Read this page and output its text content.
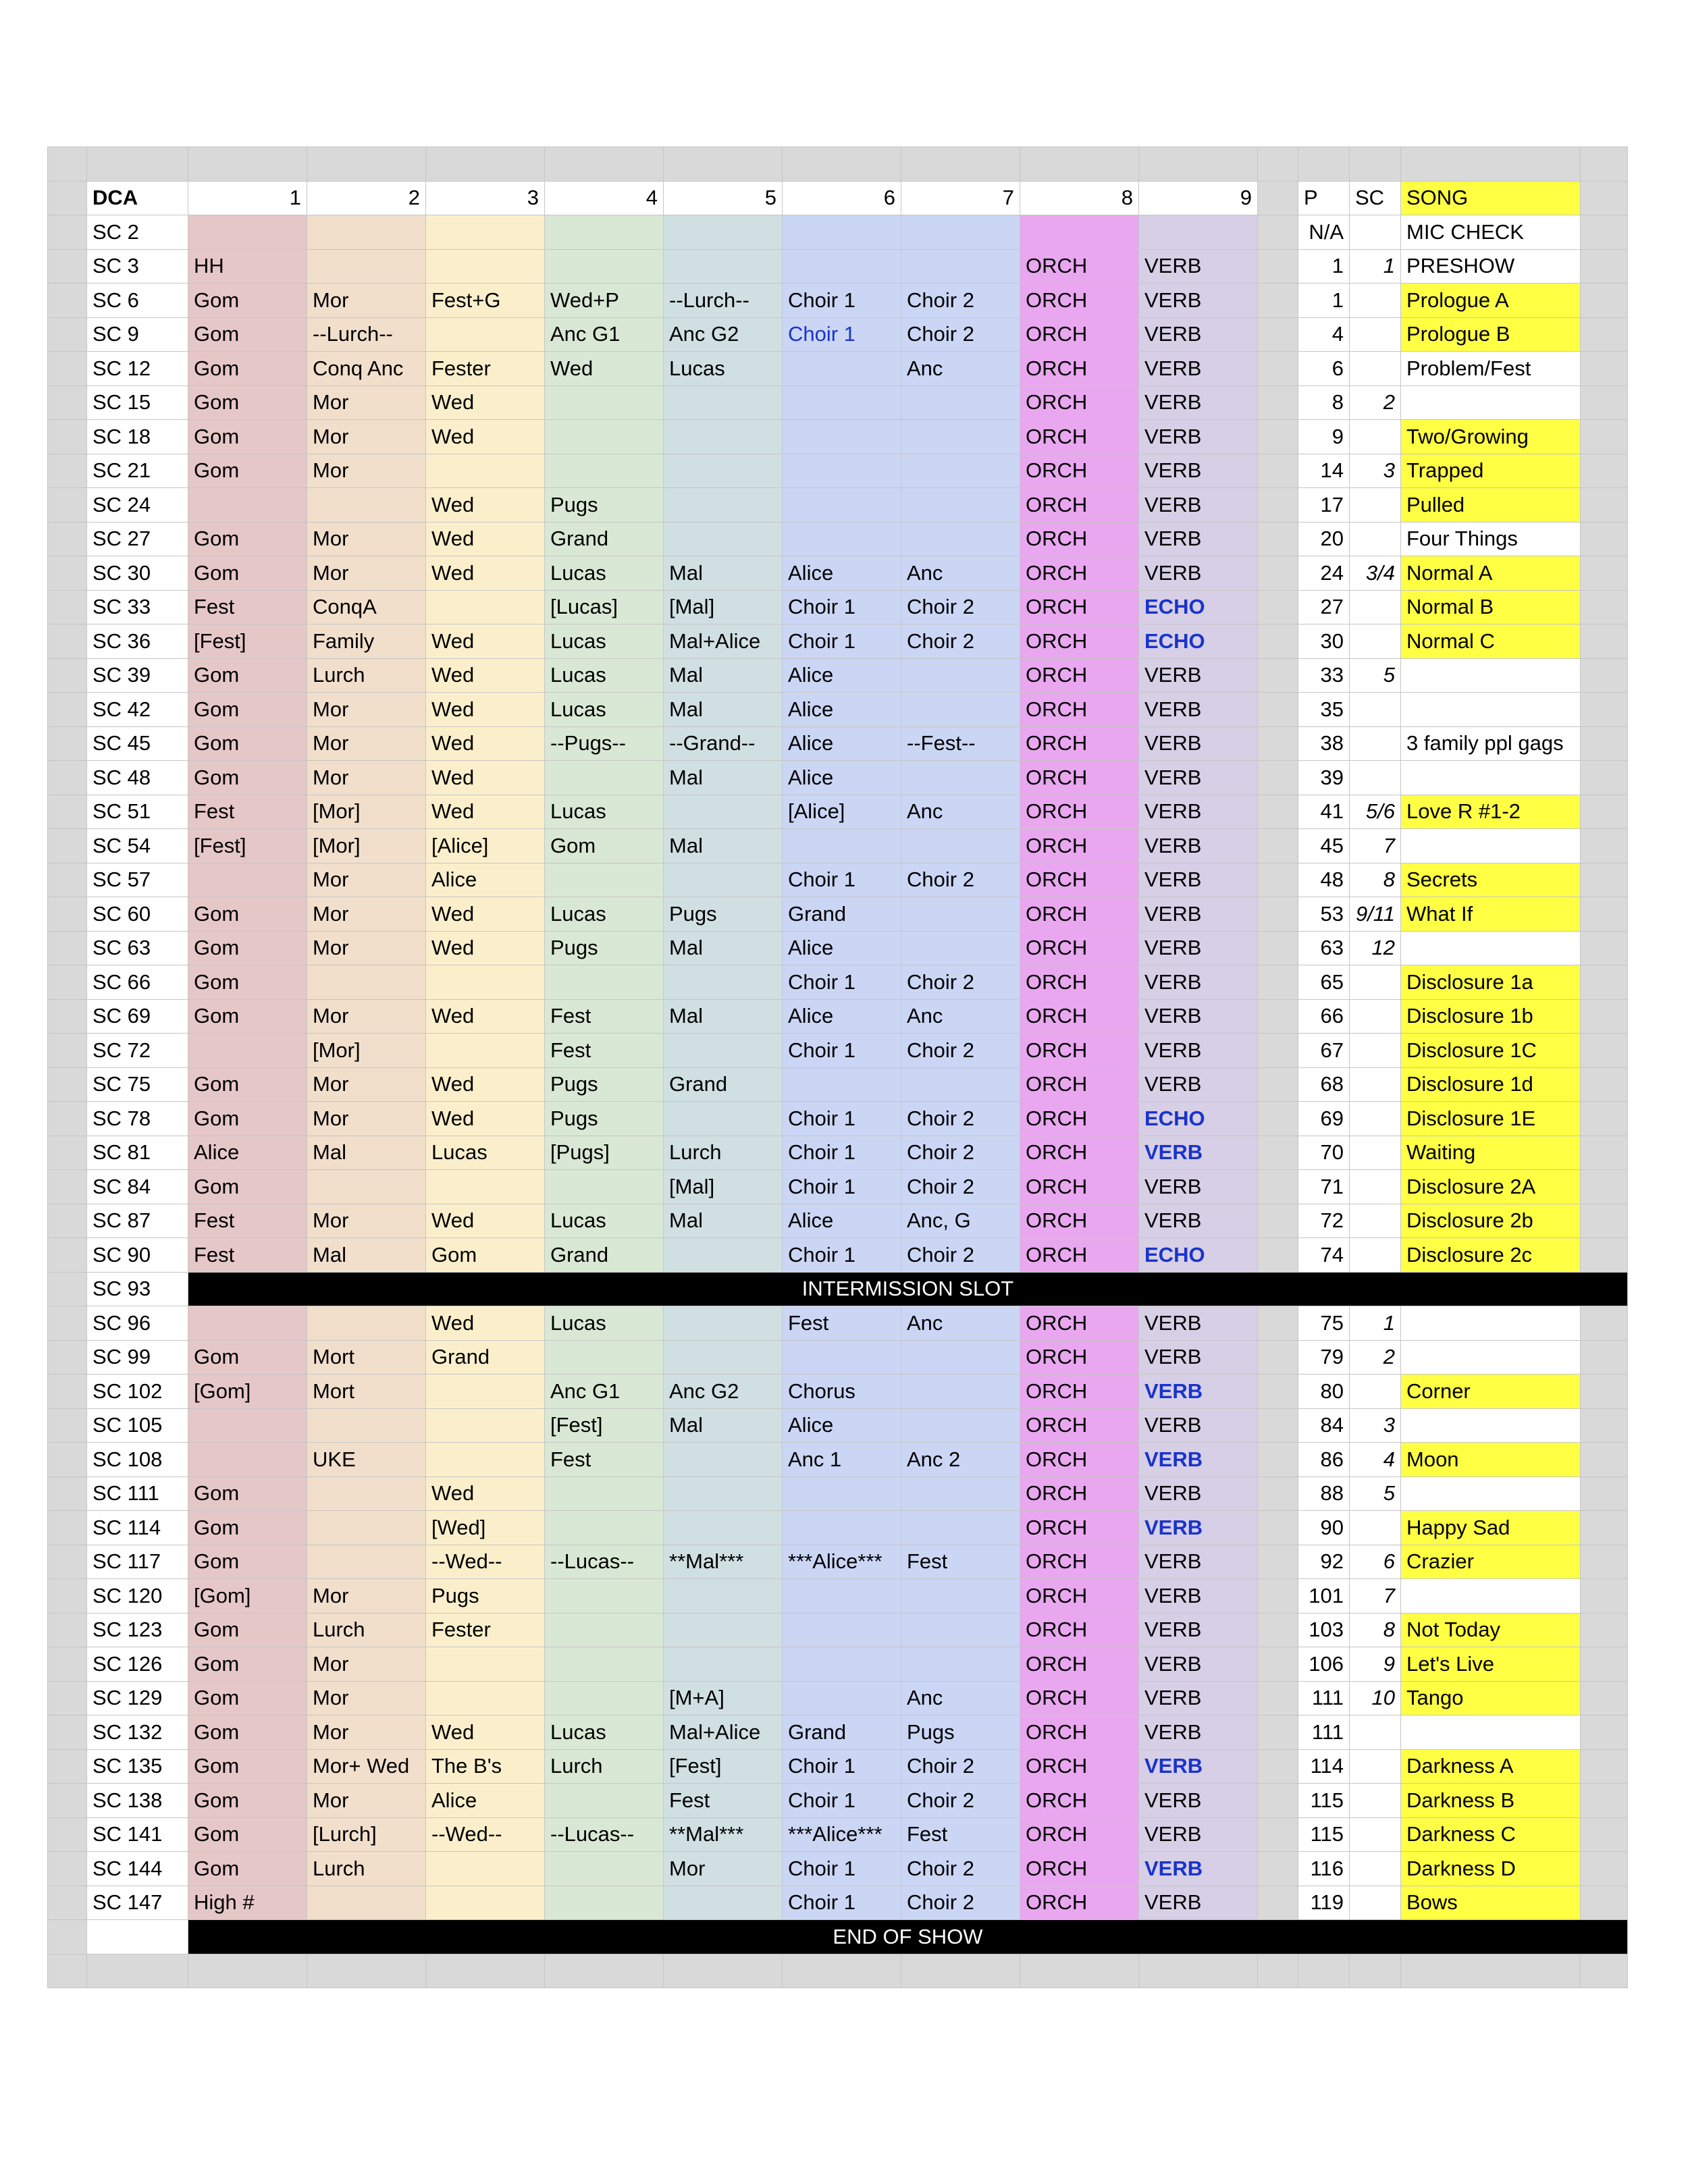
	DCA	1	2	3	4	5	6	7	8	9		P	SC	SONG	
	SC 2											N/A		MIC CHECK	
	SC 3	HH							ORCH	VERB		1	1	PRESHOW	
	SC 6	Gom	Mor	Fest+G	Wed+P	--Lurch--	Choir 1	Choir 2	ORCH	VERB		1		Prologue A	
	SC 9	Gom	--Lurch--		Anc G1	Anc G2	Choir 1	Choir 2	ORCH	VERB		4		Prologue B	
	SC 12	Gom	Conq Anc	Fester	Wed	Lucas		Anc	ORCH	VERB		6		Problem/Fest	
	SC 15	Gom	Mor	Wed					ORCH	VERB		8	2		
	SC 18	Gom	Mor	Wed					ORCH	VERB		9		Two/Growing	
	SC 21	Gom	Mor						ORCH	VERB		14	3	Trapped	
	SC 24			Wed	Pugs				ORCH	VERB		17		Pulled	
	SC 27	Gom	Mor	Wed	Grand				ORCH	VERB		20		Four Things	
	SC 30	Gom	Mor	Wed	Lucas	Mal	Alice	Anc	ORCH	VERB		24	3/4	Normal A	
	SC 33	Fest	ConqA		[Lucas]	[Mal]	Choir 1	Choir 2	ORCH	ECHO		27		Normal B	
	SC 36	[Fest]	Family	Wed	Lucas	Mal+Alice	Choir 1	Choir 2	ORCH	ECHO		30		Normal C	
	SC 39	Gom	Lurch	Wed	Lucas	Mal	Alice		ORCH	VERB		33	5		
	SC 42	Gom	Mor	Wed	Lucas	Mal	Alice		ORCH	VERB		35			
	SC 45	Gom	Mor	Wed	--Pugs--	--Grand--	Alice	--Fest--	ORCH	VERB		38		3 family ppl gags	
	SC 48	Gom	Mor	Wed		Mal	Alice		ORCH	VERB		39			
	SC 51	Fest	[Mor]	Wed	Lucas		[Alice]	Anc	ORCH	VERB		41	5/6	Love R #1-2	
	SC 54	[Fest]	[Mor]	[Alice]	Gom	Mal			ORCH	VERB		45	7		
	SC 57		Mor	Alice			Choir 1	Choir 2	ORCH	VERB		48	8	Secrets	
	SC 60	Gom	Mor	Wed	Lucas	Pugs	Grand		ORCH	VERB		53	9/11	What If	
	SC 63	Gom	Mor	Wed	Pugs	Mal	Alice		ORCH	VERB		63	12		
	SC 66	Gom					Choir 1	Choir 2	ORCH	VERB		65		Disclosure 1a	
	SC 69	Gom	Mor	Wed	Fest	Mal	Alice	Anc	ORCH	VERB		66		Disclosure 1b	
	SC 72		[Mor]		Fest		Choir 1	Choir 2	ORCH	VERB		67		Disclosure 1C	
	SC 75	Gom	Mor	Wed	Pugs	Grand			ORCH	VERB		68		Disclosure 1d	
	SC 78	Gom	Mor	Wed	Pugs		Choir 1	Choir 2	ORCH	ECHO		69		Disclosure 1E	
	SC 81	Alice	Mal	Lucas	[Pugs]	Lurch	Choir 1	Choir 2	ORCH	VERB		70		Waiting	
	SC 84	Gom				[Mal]	Choir 1	Choir 2	ORCH	VERB		71		Disclosure 2A	
	SC 87	Fest	Mor	Wed	Lucas	Mal	Alice	Anc, G	ORCH	VERB		72		Disclosure 2b	
	SC 90	Fest	Mal	Gom	Grand		Choir 1	Choir 2	ORCH	ECHO		74		Disclosure 2c	
	SC 93	INTERMISSION SLOT													
	SC 96			Wed	Lucas		Fest	Anc	ORCH	VERB		75	1		
	SC 99	Gom	Mort	Grand					ORCH	VERB		79	2		
	SC 102	[Gom]	Mort		Anc G1	Anc G2	Chorus		ORCH	VERB		80		Corner	
	SC 105				[Fest]	Mal	Alice		ORCH	VERB		84	3		
	SC 108		UKE		Fest		Anc 1	Anc 2	ORCH	VERB		86	4	Moon	
	SC 111	Gom		Wed					ORCH	VERB		88	5		
	SC 114	Gom		[Wed]					ORCH	VERB		90		Happy Sad	
	SC 117	Gom		--Wed--	--Lucas--	**Mal***	***Alice***	Fest	ORCH	VERB		92	6	Crazier	
	SC 120	[Gom]	Mor	Pugs					ORCH	VERB		101	7		
	SC 123	Gom	Lurch	Fester					ORCH	VERB		103	8	Not Today	
	SC 126	Gom	Mor						ORCH	VERB		106	9	Let's Live	
	SC 129	Gom	Mor			[M+A]		Anc	ORCH	VERB		111	10	Tango	
	SC 132	Gom	Mor	Wed	Lucas	Mal+Alice	Grand	Pugs	ORCH	VERB		111			
	SC 135	Gom	Mor+ Wed	The B's	Lurch	[Fest]	Choir 1	Choir 2	ORCH	VERB		114		Darkness A	
	SC 138	Gom	Mor	Alice		Fest	Choir 1	Choir 2	ORCH	VERB		115		Darkness B	
	SC 141	Gom	[Lurch]	--Wed--	--Lucas--	**Mal***	***Alice***	Fest	ORCH	VERB		115		Darkness C	
	SC 144	Gom	Lurch			Mor	Choir 1	Choir 2	ORCH	VERB		116		Darkness D	
	SC 147	High #					Choir 1	Choir 2	ORCH	VERB		119		Bows	
		END OF SHOW													
